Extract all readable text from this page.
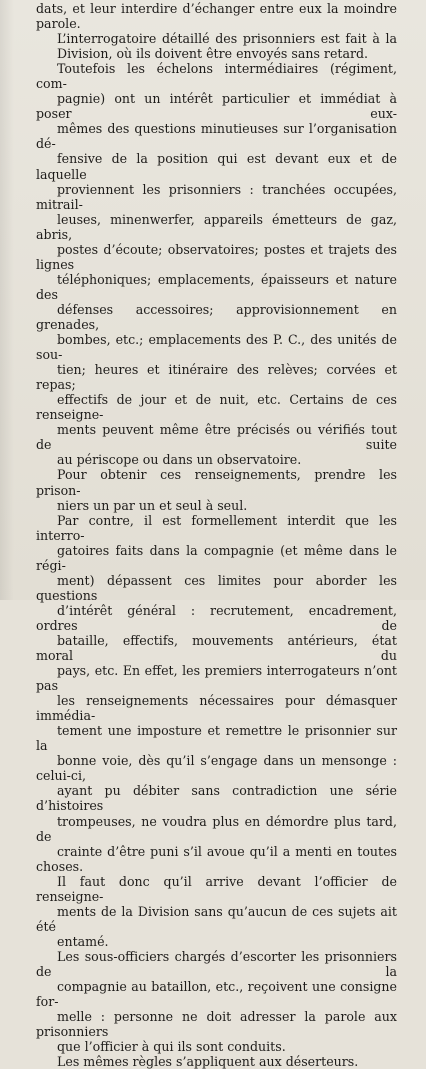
dats, et leur interdire d’échanger entre eux la moindre
parole.

L’interrogatoire détaillé des prisonniers est fait à la
Division, où ils doivent être envoyés sans retard.

Toutefois les échelons intermédiaires (régiment, com-
pagnie) ont un intérêt particulier et immédiat à poser eux-
mêmes des questions minutieuses sur l’organisation dé-
fensive de la position qui est devant eux et de laquelle
proviennent les prisonniers : tranchées occupées, mitrail-
leuses, minenwerfer, appareils émetteurs de gaz, abris,
postes d’écoute; observatoires; postes et trajets des lignes
téléphoniques; emplacements, épaisseurs et nature des
défenses accessoires; approvisionnement en grenades,
bombes, etc.; emplacements des P. C., des unités de sou-
tien; heures et itinéraire des relèves; corvées et repas;
effectifs de jour et de nuit, etc. Certains de ces renseigne-
ments peuvent même être précisés ou vérifiés tout de suite
au périscope ou dans un observatoire.

Pour obtenir ces renseignements, prendre les prison-
niers un par un et seul à seul.

Par contre, il est formellement interdit que les interro-
gatoires faits dans la compagnie (et même dans le régi-
ment) dépassent ces limites pour aborder les questions
d’intérêt général : recrutement, encadrement, ordres de
bataille, effectifs, mouvements antérieurs, état moral du
pays, etc. En effet, les premiers interrogateurs n’ont pas
les renseignements nécessaires pour démasquer immédia-
tement une imposture et remettre le prisonnier sur la
bonne voie, dès qu’il s’engage dans un mensonge : celui-ci,
ayant pu débiter sans contradiction une série d’histoires
trompeuses, ne voudra plus en démordre plus tard, de
crainte d’être puni s’il avoue qu’il a menti en toutes choses.
Il faut donc qu’il arrive devant l’officier de renseigne-
ments de la Division sans qu’aucun de ces sujets ait été
entamé.

Les sous-officiers chargés d’escorter les prisonniers de la
compagnie au bataillon, etc., reçoivent une consigne for-
melle : personne ne doit adresser la parole aux prisonniers
que l’officier à qui ils sont conduits.

Les mêmes règles s’appliquent aux déserteurs.
